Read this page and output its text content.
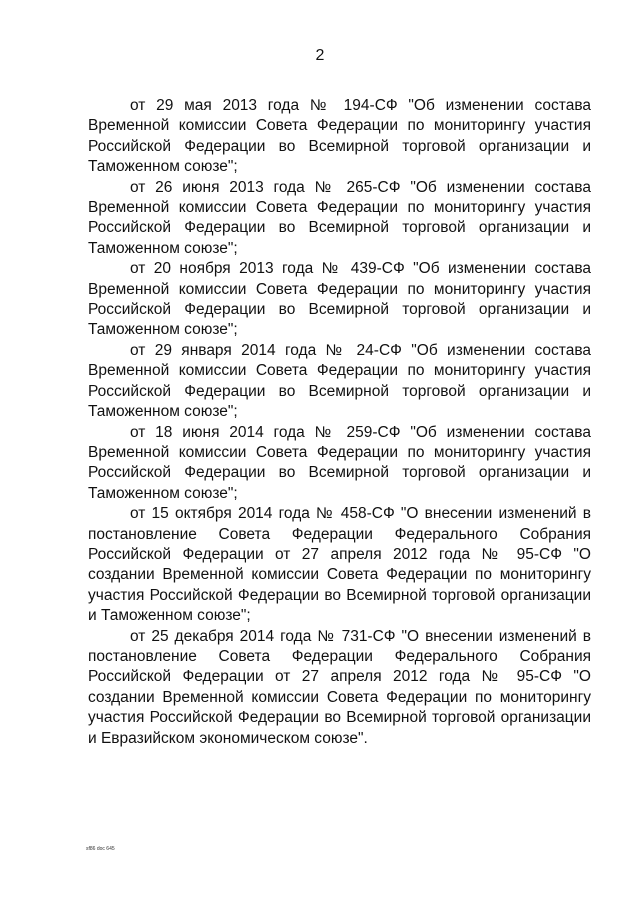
2

от 29 мая 2013 года № 194-СФ "Об изменении состава Временной комиссии Совета Федерации по мониторингу участия Российской Федерации во Всемирной торговой организации и Таможенном союзе";

от 26 июня 2013 года № 265-СФ "Об изменении состава Временной комиссии Совета Федерации по мониторингу участия Российской Федерации во Всемирной торговой организации и Таможенном союзе";

от 20 ноября 2013 года № 439-СФ "Об изменении состава Временной комиссии Совета Федерации по мониторингу участия Российской Федерации во Всемирной торговой организации и Таможенном союзе";

от 29 января 2014 года № 24-СФ "Об изменении состава Временной комиссии Совета Федерации по мониторингу участия Российской Федерации во Всемирной торговой организации и Таможенном союзе";

от 18 июня 2014 года № 259-СФ "Об изменении состава Временной комиссии Совета Федерации по мониторингу участия Российской Федерации во Всемирной торговой организации и Таможенном союзе";

от 15 октября 2014 года № 458-СФ "О внесении изменений в постановление Совета Федерации Федерального Собрания Российской Федерации от 27 апреля 2012 года № 95-СФ "О создании Временной комиссии Совета Федерации по мониторингу участия Российской Федерации во Всемирной торговой организации и Таможенном союзе";

от 25 декабря 2014 года № 731-СФ "О внесении изменений в постановление Совета Федерации Федерального Собрания Российской Федерации от 27 апреля 2012 года № 95-СФ "О создании Временной комиссии Совета Федерации по мониторингу участия Российской Федерации во Всемирной торговой организации и Евразийском экономическом союзе".

sf86 doc 645
